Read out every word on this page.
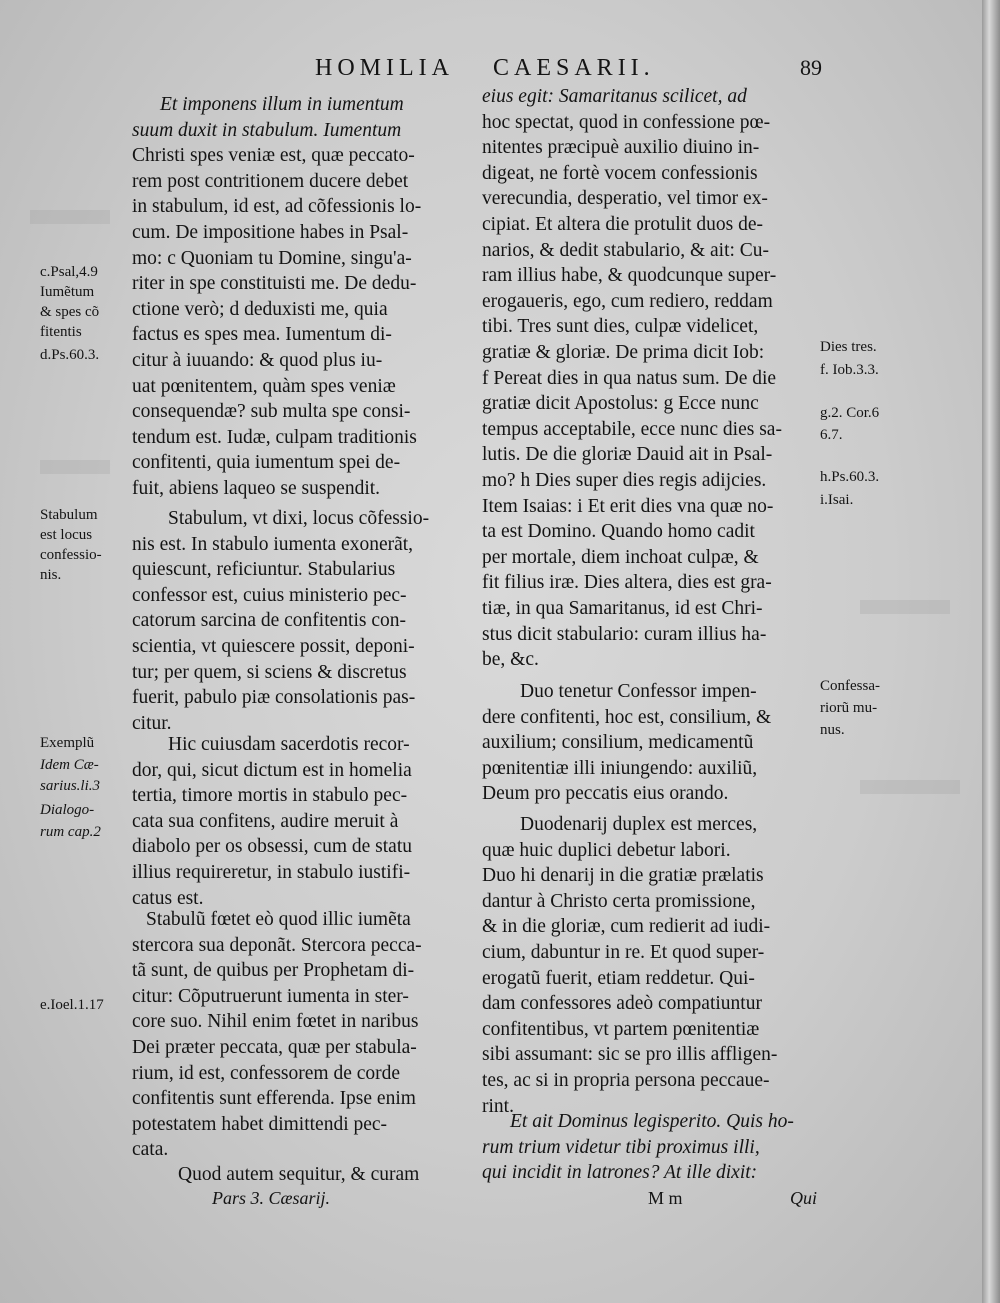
HOMILIA CAESARII.	89
Et imponens illum in iumentum
suum duxit in stabulum. Iumentum
Christi spes veniæ est, quæ peccato-
rem post contritionem ducere debet
in stabulum, id est, ad cõfessionis lo-
cum. De impositione habes in Psal-
mo: c Quoniam tu Domine, singu'a-
riter in spe constituisti me. De dedu-
ctione verò; d deduxisti me, quia
factus es spes mea. Iumentum di-
citur à iuuando: & quod plus iu-
uat pœnitentem, quàm spes veniæ
consequendæ? sub multa spe consi-
tendum est. Iudæ, culpam traditionis
confitenti, quia iumentum spei de-
fuit, abiens laqueo se suspendit.
Stabulum, vt dixi, locus cõfessio-
nis est. In stabulo iumenta exonerãt,
quiescunt, reficiuntur. Stabularius
confessor est, cuius ministerio pec-
catorum sarcina de confitentis con-
scientia, vt quiescere possit, deponi-
tur; per quem, si sciens & discretus
fuerit, pabulo piæ consolationis pas-
citur.
Hic cuiusdam sacerdotis recor-
dor, qui, sicut dictum est in homelia
tertia, timore mortis in stabulo pec-
cata sua confitens, audire meruit à
diabolo per os obsessi, cum de statu
illius requireretur, in stabulo iustifi-
catus est.
Stabulũ fœtet eò quod illic iumẽta
stercora sua deponãt. Stercora pecca-
tã sunt, de quibus per Prophetam di-
citur: Cõputruerunt iumenta in ster-
core suo. Nihil enim fœtet in naribus
Dei præter peccata, quæ per stabula-
rium, id est, confessorem de corde
confitentis sunt efferenda. Ipse enim
potestatem habet dimittendi pec-
cata.
Quod autem sequitur, & curam
eius egit: Samaritanus scilicet, ad
hoc spectat, quod in confessione pœ-
nitentes præcipuè auxilio diuino in-
digeat, ne fortè vocem confessionis
verecundia, desperatio, vel timor ex-
cipiat. Et altera die protulit duos de-
narios, & dedit stabulario, & ait: Cu-
ram illius habe, & quodcunque super-
erogaueris, ego, cum rediero, reddam
tibi. Tres sunt dies, culpæ videlicet,
gratiæ & gloriæ. De prima dicit Iob:
f Pereat dies in qua natus sum. De die
gratiæ dicit Apostolus: g Ecce nunc
tempus acceptabile, ecce nunc dies sa-
lutis. De die gloriæ Dauid ait in Psal-
mo? h Dies super dies regis adijcies.
Item Isaias: i Et erit dies vna quæ no-
ta est Domino. Quando homo cadit
per mortale, diem inchoat culpæ, &
fit filius iræ. Dies altera, dies est gra-
tiæ, in qua Samaritanus, id est Chri-
stus dicit stabulario: curam illius ha-
be, &c.
Duo tenetur Confessor impen-
dere confitenti, hoc est, consilium, &
auxilium; consilium, medicamentũ
pœnitentiæ illi iniungendo: auxiliũ,
Deum pro peccatis eius orando.
Duodenarij duplex est merces,
quæ huic duplici debetur labori.
Duo hi denarij in die gratiæ prælatis
dantur à Christo certa promissione,
& in die gloriæ, cum redierit ad iudi-
cium, dabuntur in re. Et quod super-
erogatũ fuerit, etiam reddetur. Qui-
dam confessores adeò compatiuntur
confitentibus, vt partem pœnitentiæ
sibi assumant: sic se pro illis affligen-
tes, ac si in propria persona peccaue-
rint.
Et ait Dominus legisperito. Quis ho-
rum trium videtur tibi proximus illi,
qui incidit in latrones? At ille dixit:
c.Psal,4.9
Iumẽtum
& spes cõ
fitentis
d.Ps.60.3.
Stabulum
est locus
confessio-
nis.
Exemplũ
Idem Cæ-
sarius.li.3
Dialogo-
rum cap.2
e.Ioel.1.17
Dies tres.
f. Iob.3.3.
g.2. Cor.6
6.7.
h.Ps.60.3.
i.Isai.
Confessa-
riorũ mu-
nus.
Pars 3. Cæsarij.	M m	Qui
